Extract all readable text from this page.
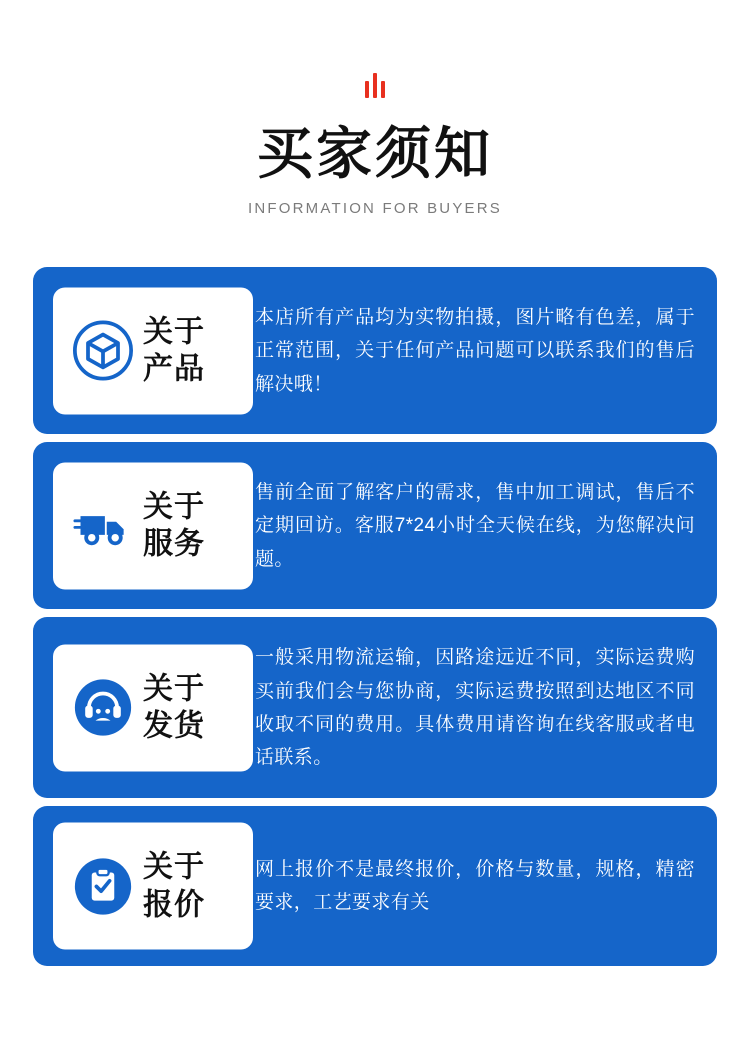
买家须知
INFORMATION FOR BUYERS
关于
产品
本店所有产品均为实物拍摄，图片略有色差，属于正常范围，关于任何产品问题可以联系我们的售后解决哦！
关于
服务
售前全面了解客户的需求，售中加工调试，售后不定期回访。客服7*24小时全天候在线，为您解决问题。
关于
发货
一般采用物流运输，因路途远近不同，实际运费购买前我们会与您协商，实际运费按照到达地区不同收取不同的费用。具体费用请咨询在线客服或者电话联系。
关于
报价
网上报价不是最终报价，价格与数量，规格，精密要求，工艺要求有关
